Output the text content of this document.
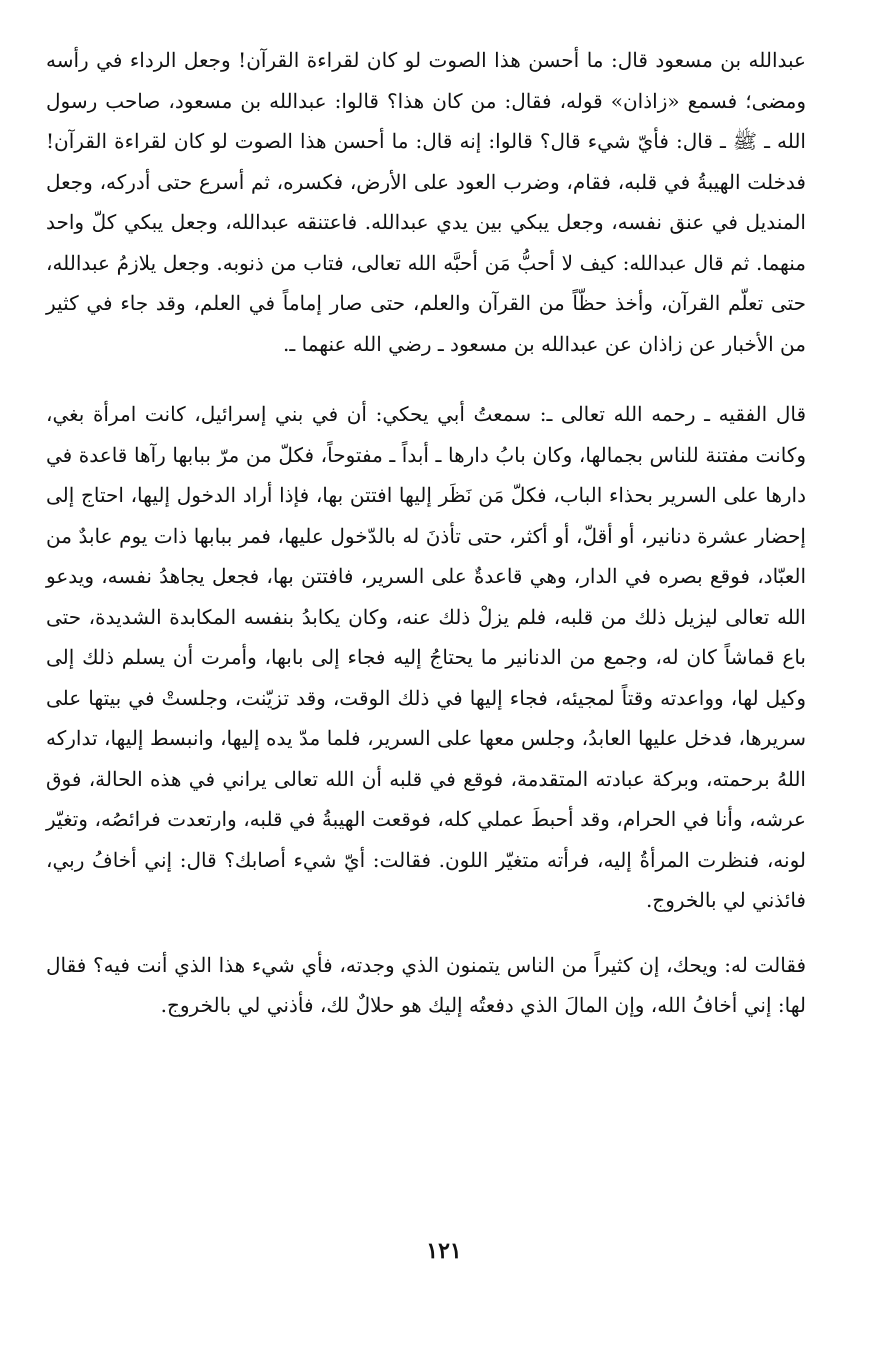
عبدالله بن مسعود قال: ما أحسن هذا الصوت لو كان لقراءة القرآن! وجعل الرداء في رأسه ومضى؛ فسمع «زاذان» قوله، فقال: من كان هذا؟ قالوا: عبدالله بن مسعود، صاحب رسول الله ـ ﷺ ـ قال: فأيّ شيء قال؟ قالوا: إنه قال: ما أحسن هذا الصوت لو كان لقراءة القرآن! فدخلت الهيبةُ في قلبه، فقام، وضرب العود على الأرض، فكسره، ثم أسرع حتى أدركه، وجعل المنديل في عنق نفسه، وجعل يبكي بين يدي عبدالله. فاعتنقه عبدالله، وجعل يبكي كلّ واحد منهما. ثم قال عبدالله: كيف لا أحبُّ مَن أحبَّه الله تعالى، فتاب من ذنوبه. وجعل يلازمُ عبدالله، حتى تعلّم القرآن، وأخذ حظّاً من القرآن والعلم، حتى صار إماماً في العلم، وقد جاء في كثير من الأخبار عن زاذان عن عبدالله بن مسعود ـ رضي الله عنهما ـ.

قال الفقيه ـ رحمه الله تعالى ـ: سمعتُ أبي يحكي: أن في بني إسرائيل، كانت امرأة بغي، وكانت مفتنة للناس بجمالها، وكان بابُ دارها ـ أبداً ـ مفتوحاً، فكلّ من مرّ ببابها رآها قاعدة في دارها على السرير بحذاء الباب، فكلّ مَن نَظَر إليها افتتن بها، فإذا أراد الدخول إليها، احتاج إلى إحضار عشرة دنانير، أو أقلّ، أو أكثر، حتى تأذنَ له بالدّخول عليها، فمر ببابها ذات يوم عابدٌ من العبّاد، فوقع بصره في الدار، وهي قاعدةٌ على السرير، فافتتن بها، فجعل يجاهدُ نفسه، ويدعو الله تعالى ليزيل ذلك من قلبه، فلم يزلْ ذلك عنه، وكان يكابدُ بنفسه المكابدة الشديدة، حتى باع قماشاً كان له، وجمع من الدنانير ما يحتاجُ إليه فجاء إلى بابها، وأمرت أن يسلم ذلك إلى وكيل لها، وواعدته وقتاً لمجيئه، فجاء إليها في ذلك الوقت، وقد تزيّنت، وجلستْ في بيتها على سريرها، فدخل عليها العابدُ، وجلس معها على السرير، فلما مدّ يده إليها، وانبسط إليها، تداركه اللهُ برحمته، وبركة عبادته المتقدمة، فوقع في قلبه أن الله تعالى يراني في هذه الحالة، فوق عرشه، وأنا في الحرام، وقد أحبطَ عملي كله، فوقعت الهيبةُ في قلبه، وارتعدت فرائصُه، وتغيّر لونه، فنظرت المرأةُ إليه، فرأته متغيّر اللون. فقالت: أيّ شيء أصابك؟ قال: إني أخافُ ربي، فائذني لي بالخروج.

فقالت له: ويحك، إن كثيراً من الناس يتمنون الذي وجدته، فأي شيء هذا الذي أنت فيه؟ فقال لها: إني أخافُ الله، وإن المالَ الذي دفعتُه إليك هو حلالٌ لك، فأذني لي بالخروج.

١٢١
